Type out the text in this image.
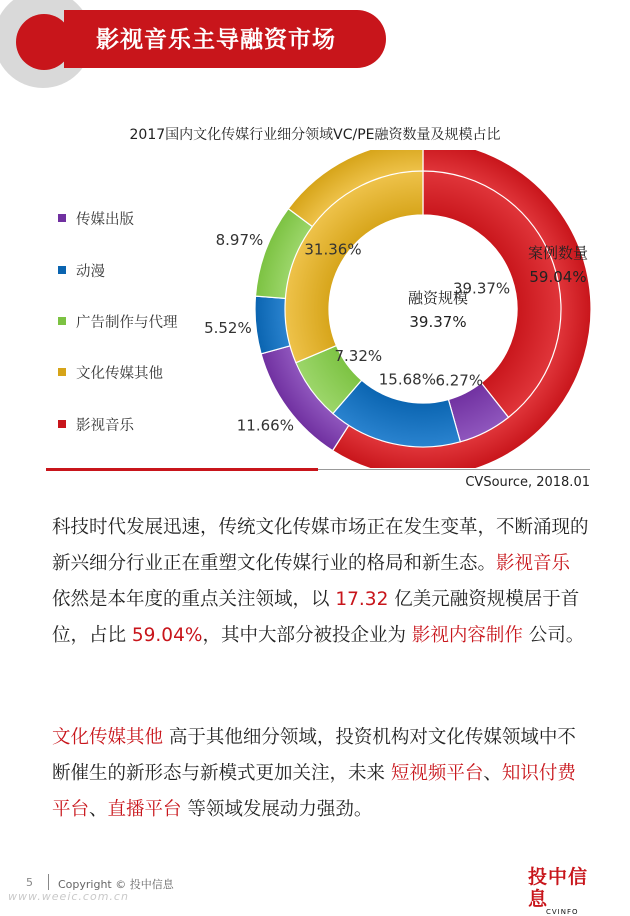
影视音乐主导融资市场
2017国内文化传媒行业细分领域VC/PE融资数量及规模占比
11.66%
5.52%
8.97%
39.37%
6.27%
15.68%
7.32%
31.36%	案例数量
59.04%
融资规模
39.37%
传媒出版
动漫
广告制作与代理
文化传媒其他
影视音乐
CVSource, 2018.01

科技时代发展迅速，传统文化传媒市场正在发生变革，不断涌现的新兴细分行业正在重塑文化传媒行业的格局和新生态。影视音乐 依然是本年度的重点关注领域，以 17.32 亿美元融资规模居于首位，占比 59.04%，其中大部分被投企业为 影视内容制作 公司。

文化传媒其他 高于其他细分领域，投资机构对文化传媒领域中不断催生的新形态与新模式更加关注，未来 短视频平台、知识付费平台、直播平台 等领域发展动力强劲。

5 Copyright © 投中信息
www.weeic.com.cn
投中信息
CVINFO
